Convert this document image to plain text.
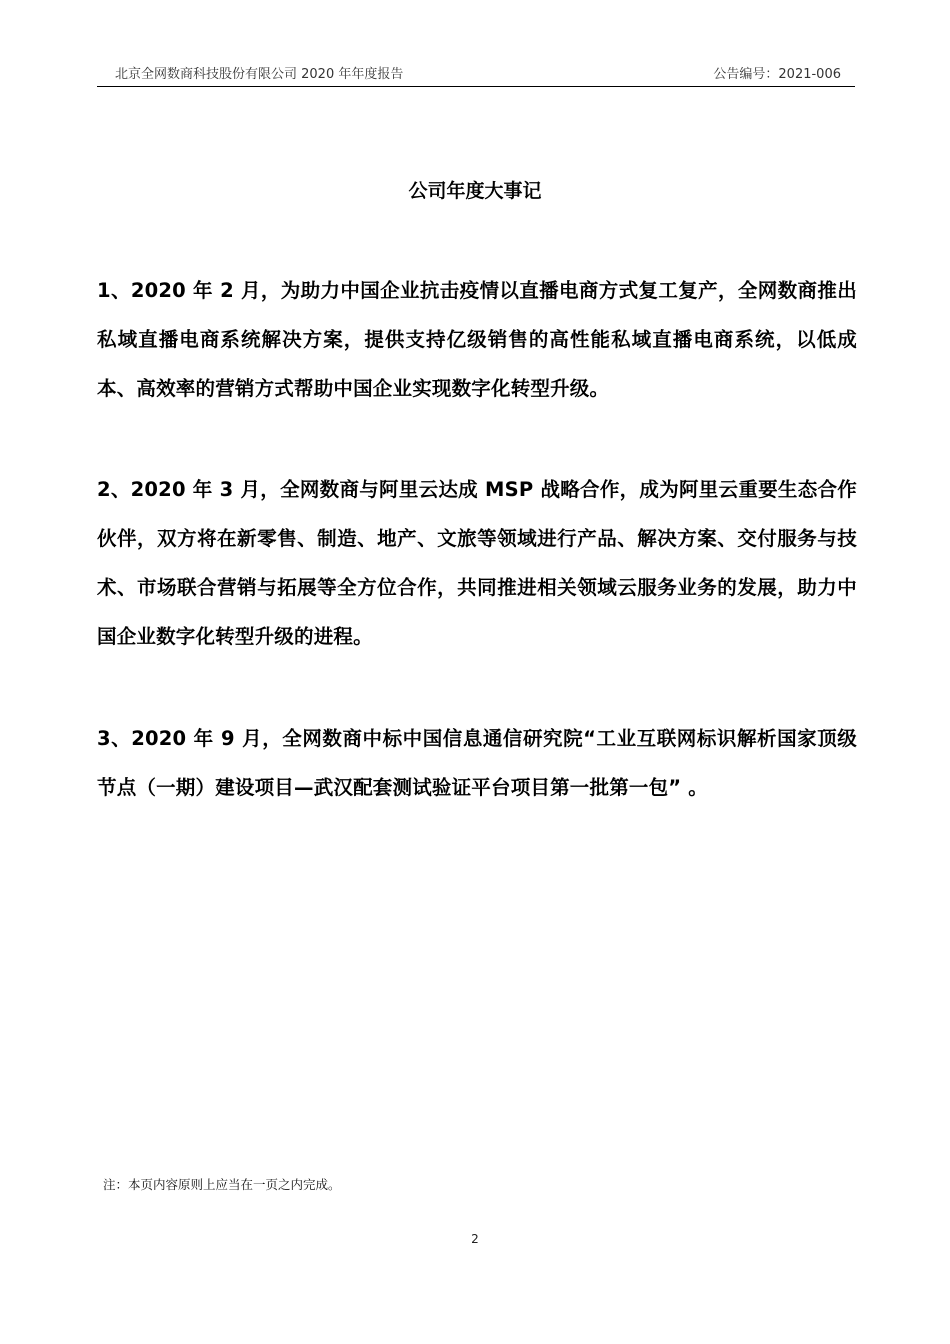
北京全网数商科技股份有限公司 2020 年年度报告	公告编号：2021-006
公司年度大事记

1、2020 年 2 月，为助力中国企业抗击疫情以直播电商方式复工复产，全网数商推出私域直播电商系统解决方案，提供支持亿级销售的高性能私域直播电商系统，以低成本、高效率的营销方式帮助中国企业实现数字化转型升级。

2、2020 年 3 月，全网数商与阿里云达成 MSP 战略合作，成为阿里云重要生态合作伙伴，双方将在新零售、制造、地产、文旅等领域进行产品、解决方案、交付服务与技术、市场联合营销与拓展等全方位合作，共同推进相关领域云服务业务的发展，助力中国企业数字化转型升级的进程。

3、2020 年 9 月，全网数商中标中国信息通信研究院“工业互联网标识解析国家顶级节点（一期）建设项目—武汉配套测试验证平台项目第一批第一包” 。

注：本页内容原则上应当在一页之内完成。

2
